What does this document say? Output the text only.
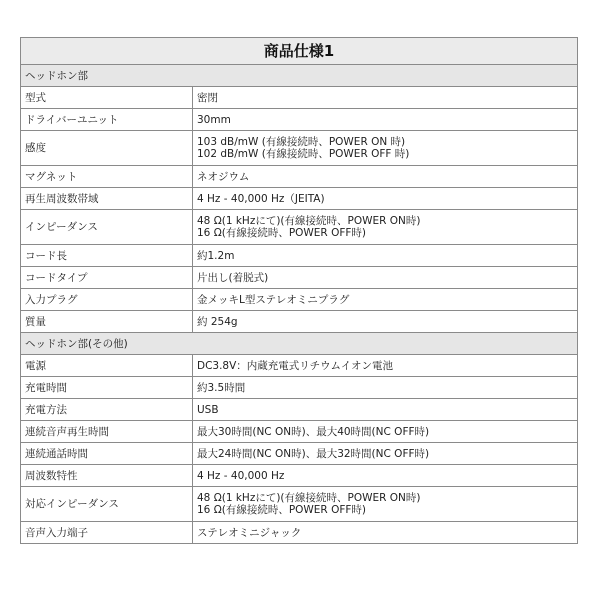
商品仕様1	
ヘッドホン部	
型式	密閉

ドライバーユニット	30mm

感度	103 dB/mW (有線接続時、POWER ON 時)
102 dB/mW (有線接続時、POWER OFF 時)

マグネット	ネオジウム

再生周波数帯域	4 Hz - 40,000 Hz（JEITA)

インピーダンス	48 Ω(1 kHzにて)(有線接続時、POWER ON時)
16 Ω(有線接続時、POWER OFF時)

コード長	約1.2m

コードタイプ	片出し(着脱式)

入力プラグ	金メッキL型ステレオミニプラグ

質量	約 254g

ヘッドホン部(その他)	
電源	DC3.8V：内蔵充電式リチウムイオン電池

充電時間	約3.5時間

充電方法	USB

連続音声再生時間	最大30時間(NC ON時)、最大40時間(NC OFF時)

連続通話時間	最大24時間(NC ON時)、最大32時間(NC OFF時)

周波数特性	4 Hz - 40,000 Hz

対応インピーダンス	48 Ω(1 kHzにて)(有線接続時、POWER ON時)
16 Ω(有線接続時、POWER OFF時)

音声入力端子	ステレオミニジャック
